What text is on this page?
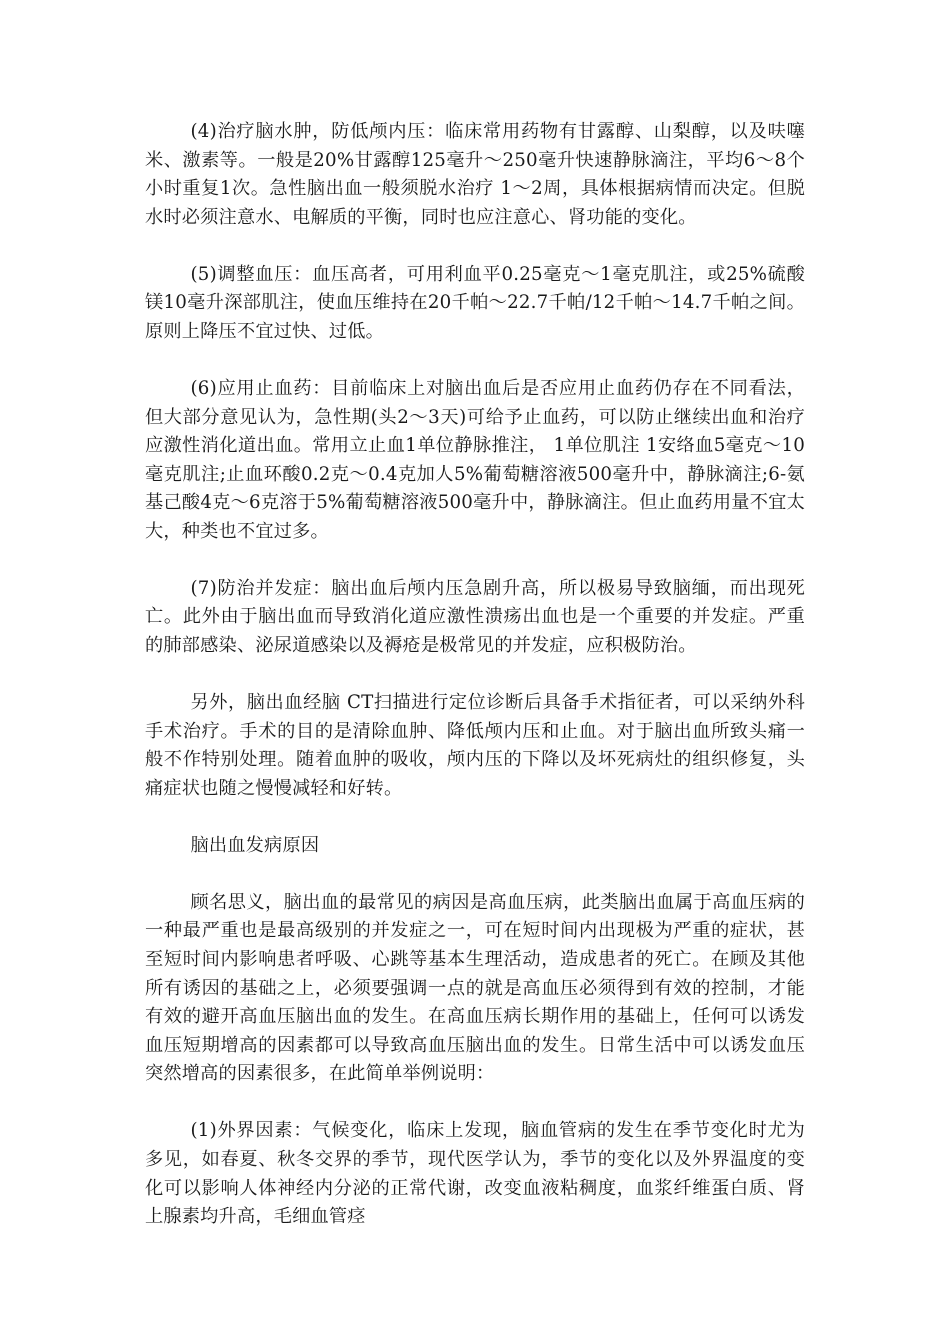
(4)治疗脑水肿，防低颅内压：临床常用药物有甘露醇、山梨醇，以及呋噻米、激素等。一般是20%甘露醇125毫升～250毫升快速静脉滴注，平均6～8个小时重复1次。急性脑出血一般须脱水治疗 1～2周，具体根据病情而决定。但脱水时必须注意水、电解质的平衡，同时也应注意心、肾功能的变化。

(5)调整血压：血压高者，可用利血平0.25毫克～1毫克肌注，或25%硫酸镁10毫升深部肌注，使血压维持在20千帕～22.7千帕/12千帕～14.7千帕之间。原则上降压不宜过快、过低。

(6)应用止血药：目前临床上对脑出血后是否应用止血药仍存在不同看法，但大部分意见认为，急性期(头2～3天)可给予止血药，可以防止继续出血和治疗应激性消化道出血。常用立止血1单位静脉推注， 1单位肌注 1安络血5毫克～10毫克肌注;止血环酸0.2克～0.4克加人5%葡萄糖溶液500毫升中，静脉滴注;6-氨基己酸4克～6克溶于5%葡萄糖溶液500毫升中，静脉滴注。但止血药用量不宜太大，种类也不宜过多。

(7)防治并发症：脑出血后颅内压急剧升高，所以极易导致脑缅，而出现死亡。此外由于脑出血而导致消化道应激性溃疡出血也是一个重要的并发症。严重的肺部感染、泌尿道感染以及褥疮是极常见的并发症，应积极防治。

另外，脑出血经脑 CT扫描进行定位诊断后具备手术指征者，可以采纳外科手术治疗。手术的目的是清除血肿、降低颅内压和止血。对于脑出血所致头痛一般不作特别处理。随着血肿的吸收，颅内压的下降以及坏死病灶的组织修复，头痛症状也随之慢慢减轻和好转。

脑出血发病原因

顾名思义，脑出血的最常见的病因是高血压病，此类脑出血属于高血压病的一种最严重也是最高级别的并发症之一，可在短时间内出现极为严重的症状，甚至短时间内影响患者呼吸、心跳等基本生理活动，造成患者的死亡。在顾及其他所有诱因的基础之上，必须要强调一点的就是高血压必须得到有效的控制，才能有效的避开高血压脑出血的发生。在高血压病长期作用的基础上，任何可以诱发血压短期增高的因素都可以导致高血压脑出血的发生。日常生活中可以诱发血压突然增高的因素很多，在此简单举例说明：

(1)外界因素：气候变化，临床上发现，脑血管病的发生在季节变化时尤为多见，如春夏、秋冬交界的季节，现代医学认为，季节的变化以及外界温度的变化可以影响人体神经内分泌的正常代谢，改变血液粘稠度，血浆纤维蛋白质、肾上腺素均升高，毛细血管痉
